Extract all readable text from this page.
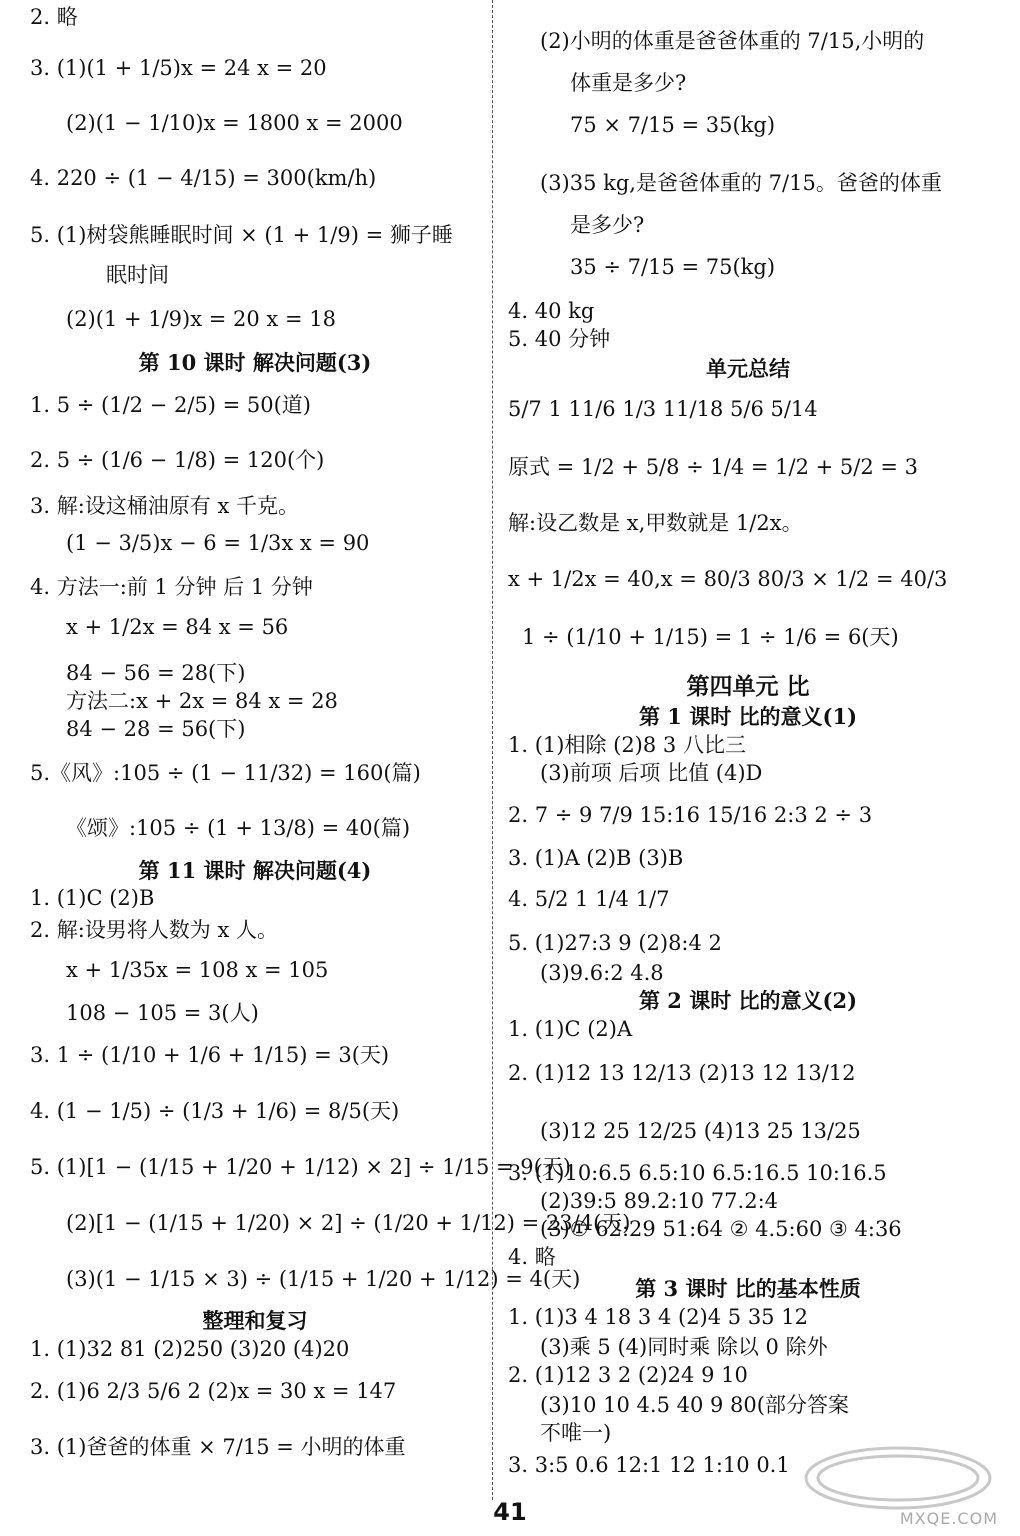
2. 略
3. (1)(1 + 1/5)x = 24 x = 20
(2)(1 − 1/10)x = 1800 x = 2000
4. 220 ÷ (1 − 4/15) = 300(km/h)
5. (1)树袋熊睡眠时间 × (1 + 1/9) = 狮子睡
眠时间
(2)(1 + 1/9)x = 20 x = 18
第 10 课时 解决问题(3)
1. 5 ÷ (1/2 − 2/5) = 50(道)
2. 5 ÷ (1/6 − 1/8) = 120(个)
3. 解:设这桶油原有 x 千克。
(1 − 3/5)x − 6 = 1/3x x = 90
4. 方法一:前 1 分钟 后 1 分钟
x + 1/2x = 84 x = 56
84 − 56 = 28(下)
方法二:x + 2x = 84 x = 28
84 − 28 = 56(下)
5.《风》:105 ÷ (1 − 11/32) = 160(篇)
《颂》:105 ÷ (1 + 13/8) = 40(篇)
第 11 课时 解决问题(4)
1. (1)C (2)B
2. 解:设男将人数为 x 人。
x + 1/35x = 108 x = 105
108 − 105 = 3(人)
3. 1 ÷ (1/10 + 1/6 + 1/15) = 3(天)
4. (1 − 1/5) ÷ (1/3 + 1/6) = 8/5(天)
5. (1)[1 − (1/15 + 1/20 + 1/12) × 2] ÷ 1/15 = 9(天)
(2)[1 − (1/15 + 1/20) × 2] ÷ (1/20 + 1/12) = 23/4(天)
(3)(1 − 1/15 × 3) ÷ (1/15 + 1/20 + 1/12) = 4(天)
整理和复习
1. (1)32 81 (2)250 (3)20 (4)20
2. (1)6 2/3 5/6 2 (2)x = 30 x = 147
3. (1)爸爸的体重 × 7/15 = 小明的体重
(2)小明的体重是爸爸体重的 7/15,小明的
体重是多少?
75 × 7/15 = 35(kg)
(3)35 kg,是爸爸体重的 7/15。爸爸的体重
是多少?
35 ÷ 7/15 = 75(kg)
4. 40 kg
5. 40 分钟
单元总结
5/7 1 11/6 1/3 11/18 5/6 5/14
原式 = 1/2 + 5/8 ÷ 1/4 = 1/2 + 5/2 = 3
解:设乙数是 x,甲数就是 1/2x。
x + 1/2x = 40,x = 80/3 80/3 × 1/2 = 40/3
1 ÷ (1/10 + 1/15) = 1 ÷ 1/6 = 6(天)
第四单元 比
第 1 课时 比的意义(1)
1. (1)相除 (2)8 3 八比三
(3)前项 后项 比值 (4)D
2. 7 ÷ 9 7/9 15:16 15/16 2:3 2 ÷ 3
3. (1)A (2)B (3)B
4. 5/2 1 1/4 1/7
5. (1)27:3 9 (2)8:4 2
(3)9.6:2 4.8
第 2 课时 比的意义(2)
1. (1)C (2)A
2. (1)12 13 12/13 (2)13 12 13/12
(3)12 25 12/25 (4)13 25 13/25
3. (1)10:6.5 6.5:10 6.5:16.5 10:16.5
(2)39:5 89.2:10 77.2:4
(3)① 62:29 51:64 ② 4.5:60 ③ 4:36
4. 略
第 3 课时 比的基本性质
1. (1)3 4 18 3 4 (2)4 5 35 12
(3)乘 5 (4)同时乘 除以 0 除外
2. (1)12 3 2 (2)24 9 10
(3)10 10 4.5 40 9 80(部分答案
不唯一)
3. 3:5 0.6 12:1 12 1:10 0.1
41	MXQE.COM
